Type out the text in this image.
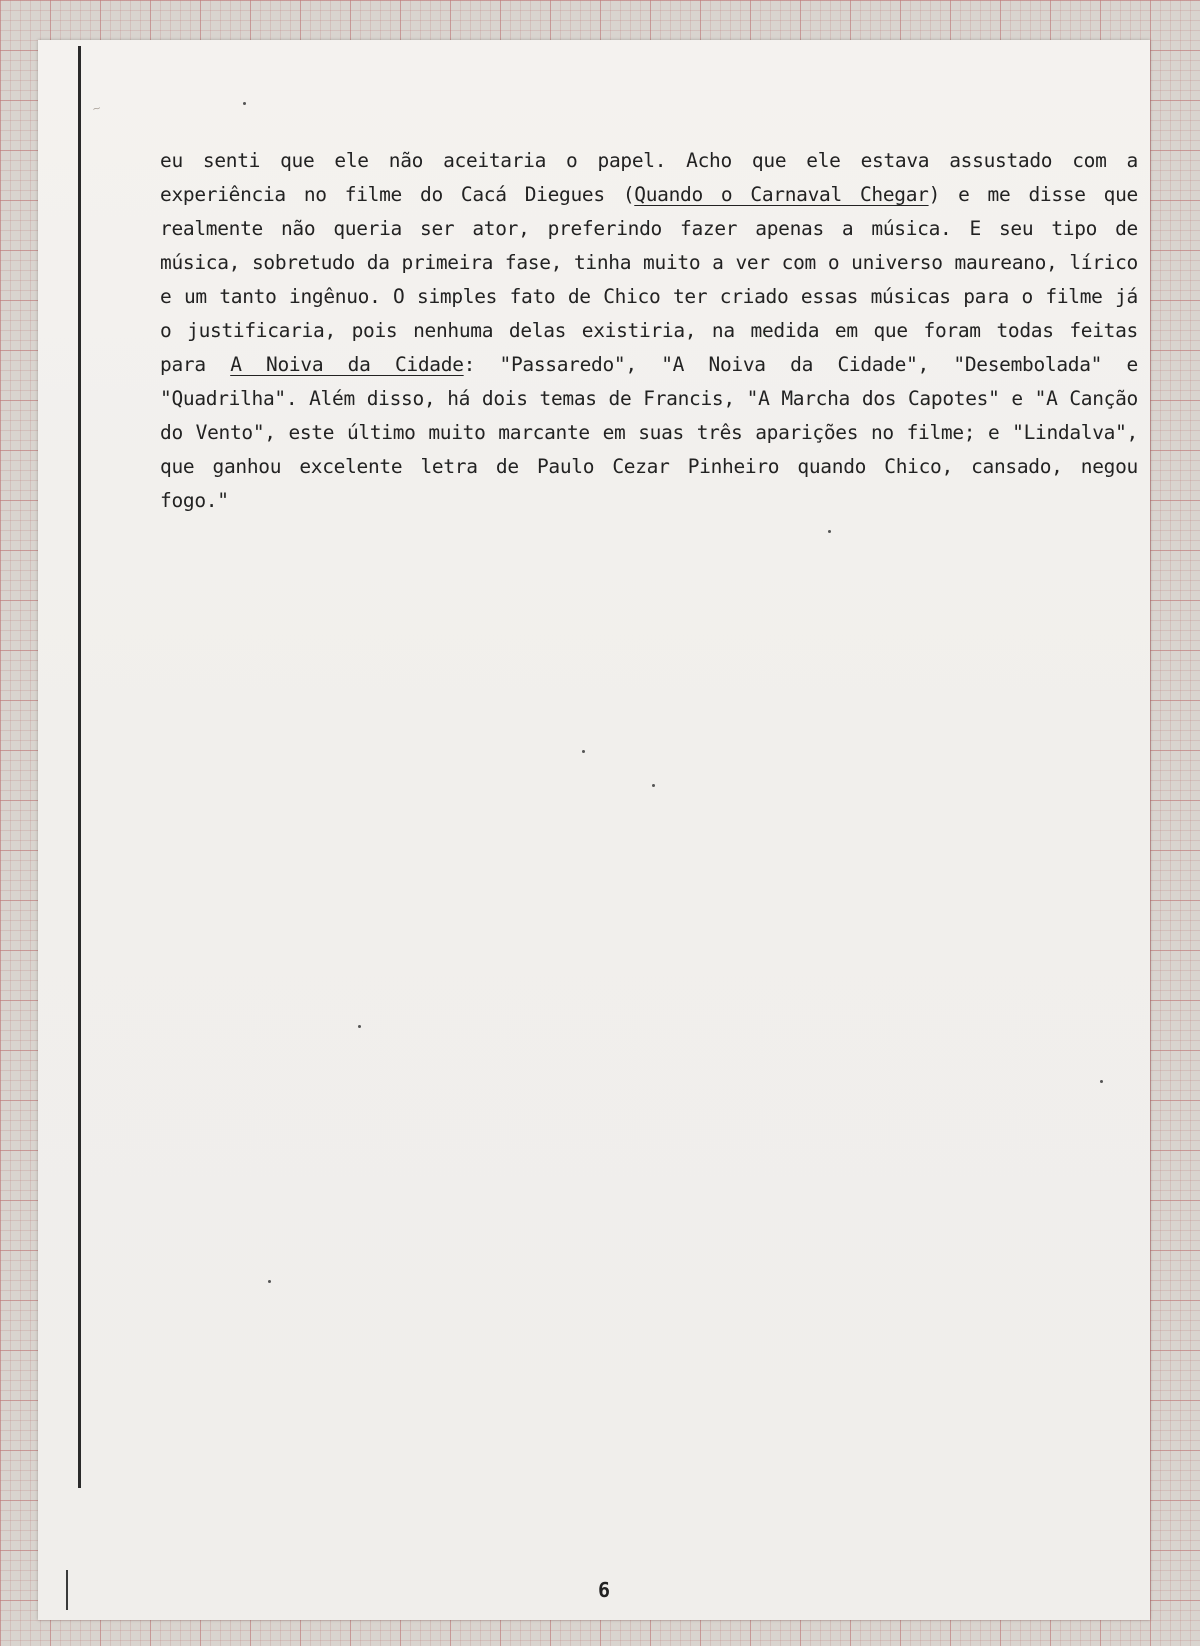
~

eu senti que ele não aceitaria o papel. Acho que ele estava assustado com a experiência no filme do Cacá Diegues (Quando o Carnaval Chegar) e me disse que realmente não queria ser ator, preferindo fazer apenas a música. E seu tipo de música, sobretudo da primeira fase, tinha muito a ver com o universo maureano, lírico e um tanto ingênuo. O simples fato de Chico ter criado essas músicas para o filme já o justificaria, pois nenhuma delas existiria, na medida em que foram todas feitas para A Noiva da Cidade: "Passaredo", "A Noiva da Cidade", "Desembolada" e "Quadrilha". Além disso, há dois temas de Francis, "A Marcha dos Capotes" e "A Canção do Vento", este último muito marcante em suas três aparições no filme; e "Lindalva", que ganhou excelente letra de Paulo Cezar Pinheiro quando Chico, cansado, negou fogo."

6
